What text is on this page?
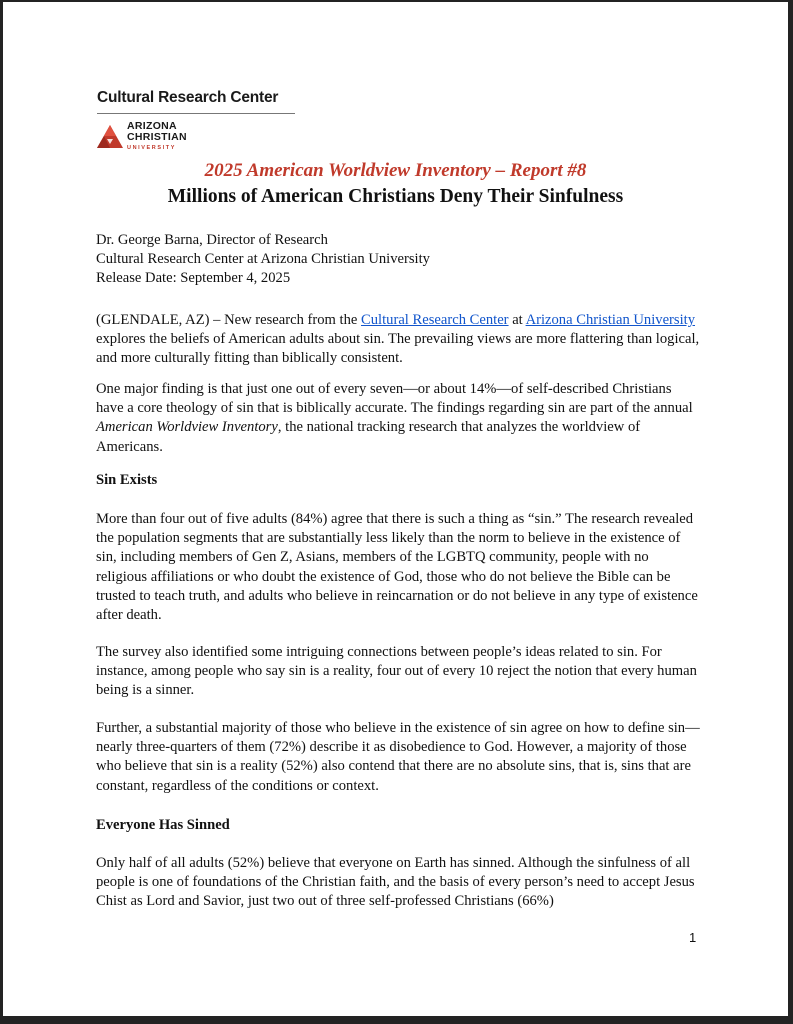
Cultural Research Center
ARIZONA
CHRISTIAN
UNIVERSITY
2025 American Worldview Inventory – Report #8
Millions of American Christians Deny Their Sinfulness
Dr. George Barna, Director of Research
Cultural Research Center at Arizona Christian University
Release Date: September 4, 2025

(GLENDALE, AZ) – New research from the Cultural Research Center at Arizona Christian University explores the beliefs of American adults about sin. The prevailing views are more flattering than logical, and more culturally fitting than biblically consistent.

One major finding is that just one out of every seven—or about 14%—of self-described Christians have a core theology of sin that is biblically accurate. The findings regarding sin are part of the annual American Worldview Inventory, the national tracking research that analyzes the worldview of Americans.

Sin Exists

More than four out of five adults (84%) agree that there is such a thing as “sin.” The research revealed the population segments that are substantially less likely than the norm to believe in the existence of sin, including members of Gen Z, Asians, members of the LGBTQ community, people with no religious affiliations or who doubt the existence of God, those who do not believe the Bible can be trusted to teach truth, and adults who believe in reincarnation or do not believe in any type of existence after death.

The survey also identified some intriguing connections between people’s ideas related to sin. For instance, among people who say sin is a reality, four out of every 10 reject the notion that every human being is a sinner.

Further, a substantial majority of those who believe in the existence of sin agree on how to define sin—nearly three-quarters of them (72%) describe it as disobedience to God. However, a majority of those who believe that sin is a reality (52%) also contend that there are no absolute sins, that is, sins that are constant, regardless of the conditions or context.

Everyone Has Sinned

Only half of all adults (52%) believe that everyone on Earth has sinned. Although the sinfulness of all people is one of foundations of the Christian faith, and the basis of every person’s need to accept Jesus Chist as Lord and Savior, just two out of three self-professed Christians (66%)

1
